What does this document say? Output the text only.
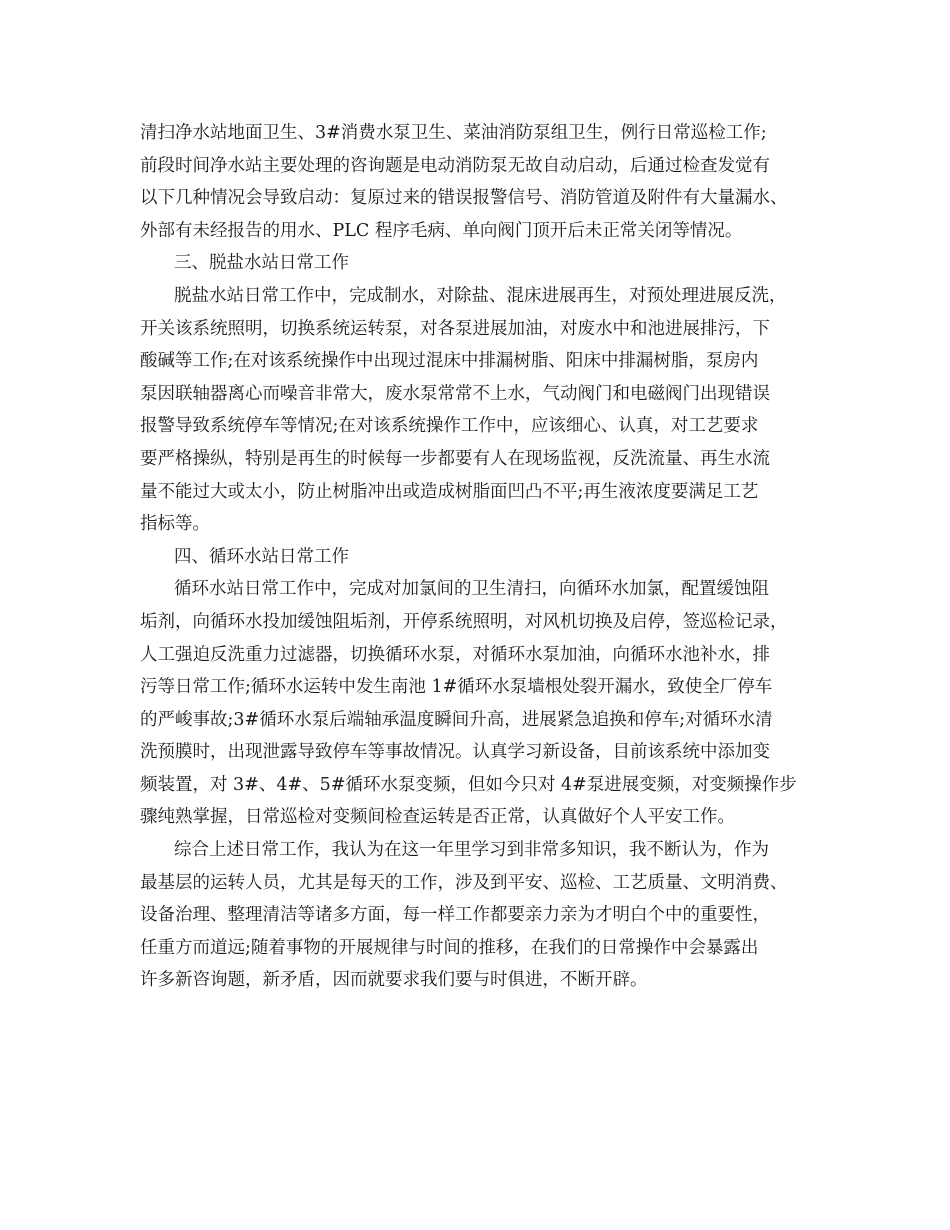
清扫净水站地面卫生、3#消费水泵卫生、菜油消防泵组卫生，例行日常巡检工作;
前段时间净水站主要处理的咨询题是电动消防泵无故自动启动，后通过检查发觉有
以下几种情况会导致启动：复原过来的错误报警信号、消防管道及附件有大量漏水、
外部有未经报告的用水、PLC 程序毛病、单向阀门顶开后未正常关闭等情况。
三、脱盐水站日常工作
脱盐水站日常工作中，完成制水，对除盐、混床进展再生，对预处理进展反洗，
开关该系统照明，切换系统运转泵，对各泵进展加油，对废水中和池进展排污，下
酸碱等工作;在对该系统操作中出现过混床中排漏树脂、阳床中排漏树脂，泵房内
泵因联轴器离心而噪音非常大，废水泵常常不上水，气动阀门和电磁阀门出现错误
报警导致系统停车等情况;在对该系统操作工作中，应该细心、认真，对工艺要求
要严格操纵，特别是再生的时候每一步都要有人在现场监视，反洗流量、再生水流
量不能过大或太小，防止树脂冲出或造成树脂面凹凸不平;再生液浓度要满足工艺
指标等。
四、循环水站日常工作
循环水站日常工作中，完成对加氯间的卫生清扫，向循环水加氯，配置缓蚀阻
垢剂，向循环水投加缓蚀阻垢剂，开停系统照明，对风机切换及启停，签巡检记录，
人工强迫反洗重力过滤器，切换循环水泵，对循环水泵加油，向循环水池补水，排
污等日常工作;循环水运转中发生南池 1#循环水泵墙根处裂开漏水，致使全厂停车
的严峻事故;3#循环水泵后端轴承温度瞬间升高，进展紧急追换和停车;对循环水清
洗预膜时，出现泄露导致停车等事故情况。认真学习新设备，目前该系统中添加变
频装置，对 3#、4#、5#循环水泵变频，但如今只对 4#泵进展变频，对变频操作步
骤纯熟掌握，日常巡检对变频间检查运转是否正常，认真做好个人平安工作。
综合上述日常工作，我认为在这一年里学习到非常多知识，我不断认为，作为
最基层的运转人员，尤其是每天的工作，涉及到平安、巡检、工艺质量、文明消费、
设备治理、整理清洁等诸多方面，每一样工作都要亲力亲为才明白个中的重要性，
任重方而道远;随着事物的开展规律与时间的推移，在我们的日常操作中会暴露出
许多新咨询题，新矛盾，因而就要求我们要与时俱进，不断开辟。
